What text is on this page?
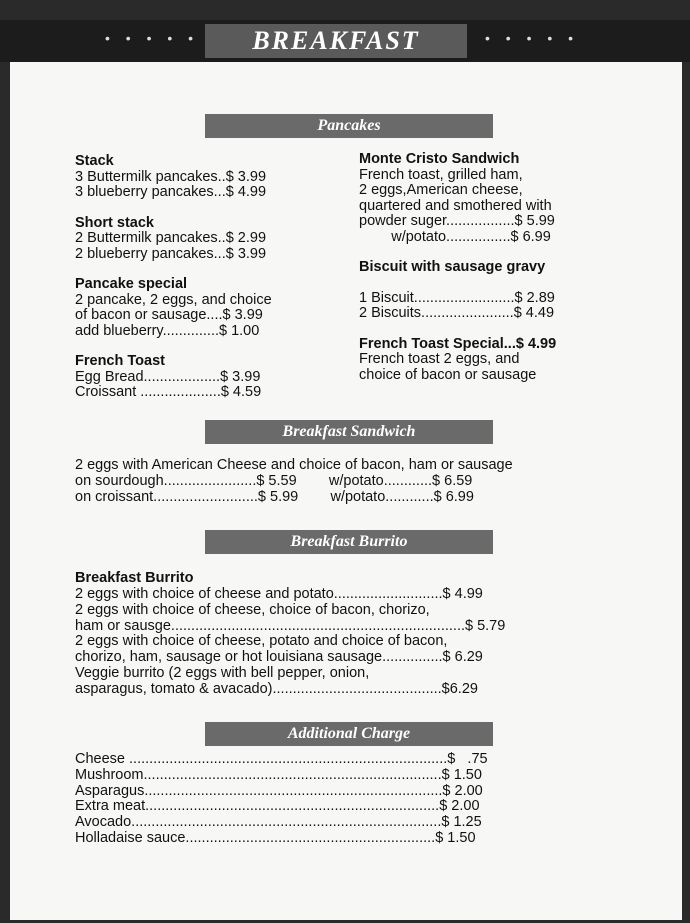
• • • • •	• • • • •
BREAKFAST
Pancakes
Breakfast Sandwich
Breakfast Burrito
Additional Charge
Stack
3 Buttermilk pancakes..$ 3.99
3 blueberry pancakes...$ 4.99
Short stack
2 Buttermilk pancakes..$ 2.99
2 blueberry pancakes...$ 3.99
Pancake special
2 pancake, 2 eggs, and choice
of bacon or sausage....$ 3.99
add blueberry..............$ 1.00
French Toast
Egg Bread...................$ 3.99
Croissant ....................$ 4.59
Monte Cristo Sandwich
French toast, grilled ham,
2 eggs,American cheese,
quartered and smothered with
powder suger.................$ 5.99
w/potato................$ 6.99
Biscuit with sausage gravy
1 Biscuit.........................$ 2.89
2 Biscuits.......................$ 4.49
French Toast Special...$ 4.99
French toast 2 eggs, and
choice of bacon or sausage
2 eggs with American Cheese and choice of bacon, ham or sausage
on sourdough.......................$ 5.59        w/potato............$ 6.59
on croissant..........................$ 5.99        w/potato............$ 6.99
Breakfast Burrito
2 eggs with choice of cheese and potato...........................$ 4.99
2 eggs with choice of cheese, choice of bacon, chorizo,
ham or sausge.........................................................................$ 5.79
2 eggs with choice of cheese, potato and choice of bacon,
chorizo, ham, sausage or hot louisiana sausage...............$ 6.29
Veggie burrito (2 eggs with bell pepper, onion,
asparagus, tomato & avacado)..........................................$6.29
Cheese ...............................................................................$   .75
Mushroom..........................................................................$ 1.50
Asparagus..........................................................................$ 2.00
Extra meat.........................................................................$ 2.00
Avocado.............................................................................$ 1.25
Holladaise sauce..............................................................$ 1.50
